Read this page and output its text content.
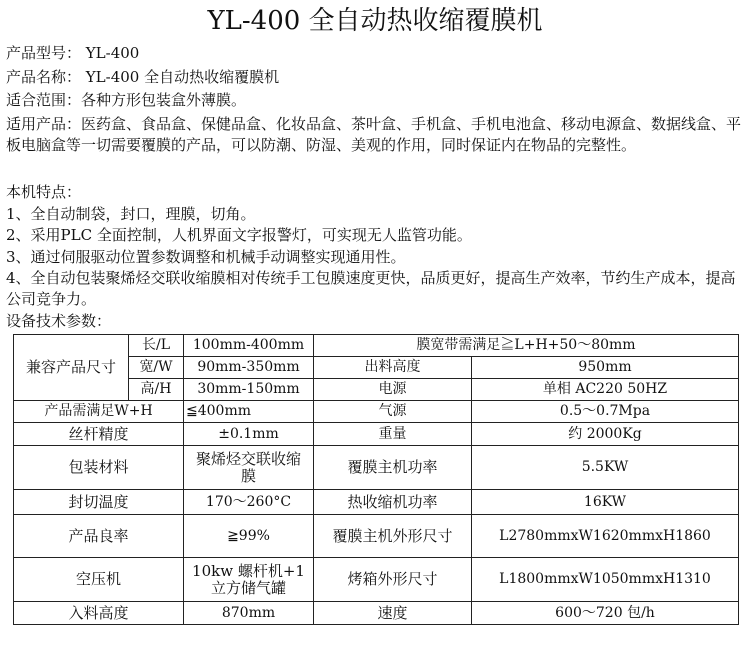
YL-400 全自动热收缩覆膜机
产品型号： YL-400
产品名称： YL-400 全自动热收缩覆膜机
适合范围：各种方形包装盒外薄膜。
适用产品：医药盒、食品盒、保健品盒、化妆品盒、茶叶盒、手机盒、手机电池盒、移动电源盒、数据线盒、平板电脑盒等一切需要覆膜的产品，可以防潮、防湿、美观的作用，同时保证内在物品的完整性。
本机特点：
1、全自动制袋，封口，理膜，切角。
2、采用PLC 全面控制，人机界面文字报警灯，可实现无人监管功能。
3、通过伺服驱动位置参数调整和机械手动调整实现通用性。
4、全自动包装聚烯烃交联收缩膜相对传统手工包膜速度更快，品质更好，提高生产效率，节约生产成本，提高公司竞争力。
设备技术参数：
兼容产品尺寸	长/L	100mm-400mm	膜宽带需满足≧L+H+50～80mm	
	宽/W	90mm-350mm	出料高度	950mm
	高/H	30mm-150mm	电源	单相 AC220 50HZ
产品需满足W+H		≦400mm	气源	0.5～0.7Mpa
丝杆精度		±0.1mm	重量	约 2000Kg
包装材料		聚烯烃交联收缩膜	覆膜主机功率	5.5KW
封切温度		170～260°C	热收缩机功率	16KW
产品良率		≧99%	覆膜主机外形尺寸	L2780mmxW1620mmxH1860
空压机		10kw 螺杆机+1立方储气罐	烤箱外形尺寸	L1800mmxW1050mmxH1310
入料高度		870mm	速度	600～720 包/h
